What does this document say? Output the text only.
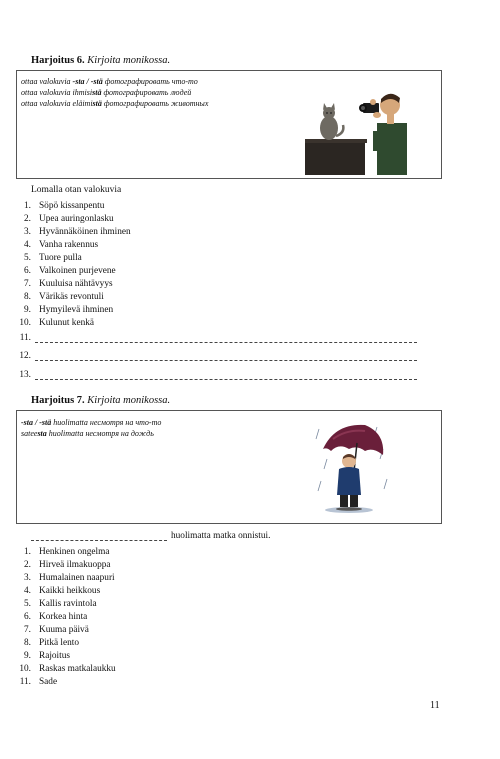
Harjoitus 6. Kirjoita monikossa.
ottaa valokuvia -sta / -stä фотографировать что-то
ottaa valokuvia ihmisistä фотографировать людей
ottaa valokuvia eläimistä фотографировать животных
Lomalla otan valokuvia
1. Söpö kissanpentu
2. Upea auringonlasku
3. Hyvännäköinen ihminen
4. Vanha rakennus
5. Tuore pulla
6. Valkoinen purjevene
7. Kuuluisa nähtävyys
8. Värikäs revontuli
9. Hymyilevä ihminen
10. Kulunut kenkä
11.
12.
13.
Harjoitus 7. Kirjoita monikossa.
-sta / -stä huolimatta несмотря на что-то
sateesta huolimatta несмотря на дождь
huolimatta matka onnistui.
1. Henkinen ongelma
2. Hirveä ilmakuoppa
3. Humalainen naapuri
4. Kaikki heikkous
5. Kallis ravintola
6. Korkea hinta
7. Kuuma päivä
8. Pitkä lento
9. Rajoitus
10. Raskas matkalaukku
11. Sade
11
